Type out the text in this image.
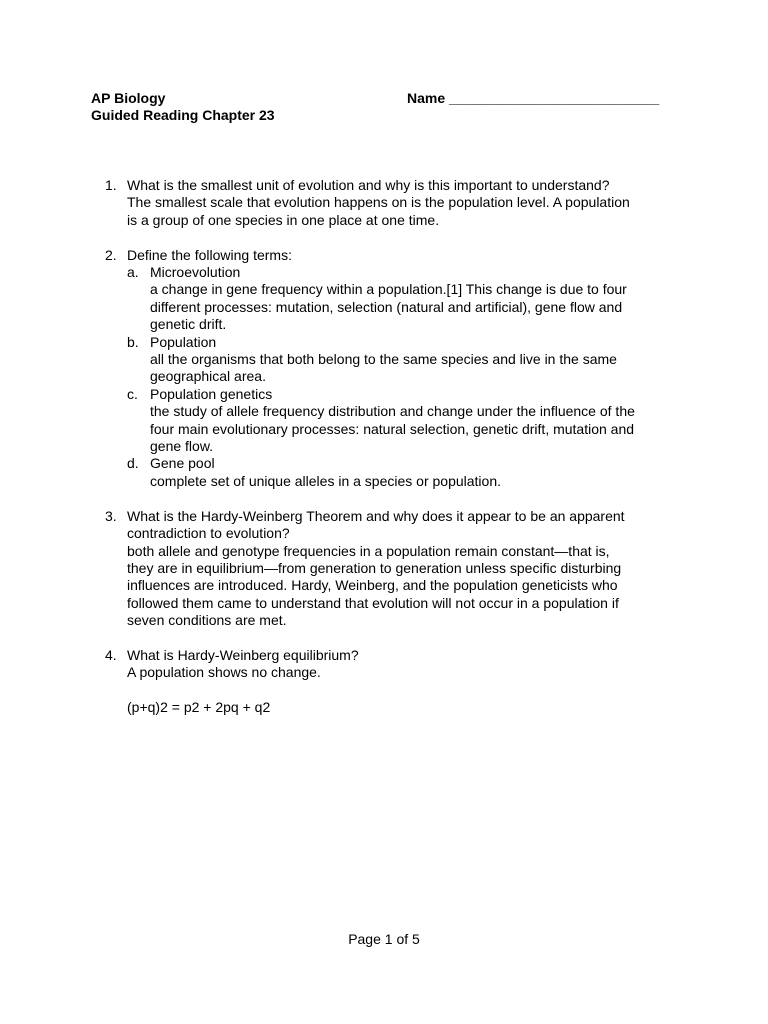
AP Biology	Name ___________________________
Guided Reading Chapter 23
1. What is the smallest unit of evolution and why is this important to understand?
The smallest scale that evolution happens on is the population level. A population
is a group of one species in one place at one time.
2. Define the following terms:
a. Microevolution
a change in gene frequency within a population.[1] This change is due to four
different processes: mutation, selection (natural and artificial), gene flow and
genetic drift.
b. Population
all the organisms that both belong to the same species and live in the same
geographical area.
c. Population genetics
the study of allele frequency distribution and change under the influence of the
four main evolutionary processes: natural selection, genetic drift, mutation and
gene flow.
d. Gene pool
complete set of unique alleles in a species or population.
3. What is the Hardy-Weinberg Theorem and why does it appear to be an apparent
contradiction to evolution?
both allele and genotype frequencies in a population remain constant—that is,
they are in equilibrium—from generation to generation unless specific disturbing
influences are introduced. Hardy, Weinberg, and the population geneticists who
followed them came to understand that evolution will not occur in a population if
seven conditions are met.
4. What is Hardy-Weinberg equilibrium?
A population shows no change.
(p+q)2 = p2 + 2pq + q2
Page 1 of 5
